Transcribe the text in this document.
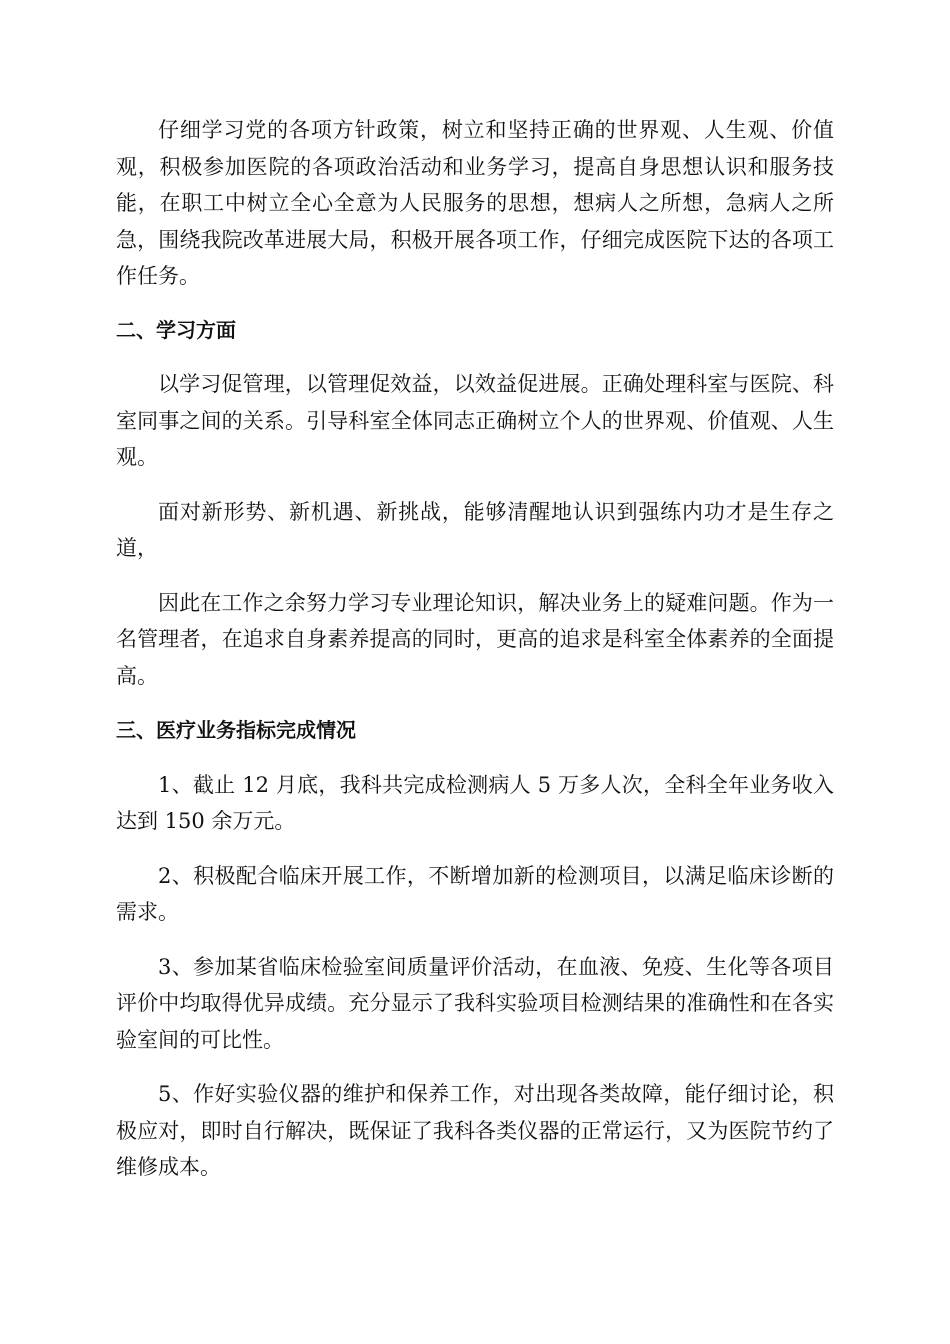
仔细学习党的各项方针政策，树立和坚持正确的世界观、人生观、价值观，积极参加医院的各项政治活动和业务学习，提高自身思想认识和服务技能，在职工中树立全心全意为人民服务的思想，想病人之所想，急病人之所急，围绕我院改革进展大局，积极开展各项工作，仔细完成医院下达的各项工作任务。

二、学习方面

以学习促管理，以管理促效益，以效益促进展。正确处理科室与医院、科室同事之间的关系。引导科室全体同志正确树立个人的世界观、价值观、人生观。

面对新形势、新机遇、新挑战，能够清醒地认识到强练内功才是生存之道，

因此在工作之余努力学习专业理论知识，解决业务上的疑难问题。作为一名管理者，在追求自身素养提高的同时，更高的追求是科室全体素养的全面提高。

三、医疗业务指标完成情况

1、截止 12 月底，我科共完成检测病人 5 万多人次，全科全年业务收入达到 150 余万元。

2、积极配合临床开展工作，不断增加新的检测项目，以满足临床诊断的需求。

3、参加某省临床检验室间质量评价活动，在血液、免疫、生化等各项目评价中均取得优异成绩。充分显示了我科实验项目检测结果的准确性和在各实验室间的可比性。

5、作好实验仪器的维护和保养工作，对出现各类故障，能仔细讨论，积极应对，即时自行解决，既保证了我科各类仪器的正常运行，又为医院节约了维修成本。
